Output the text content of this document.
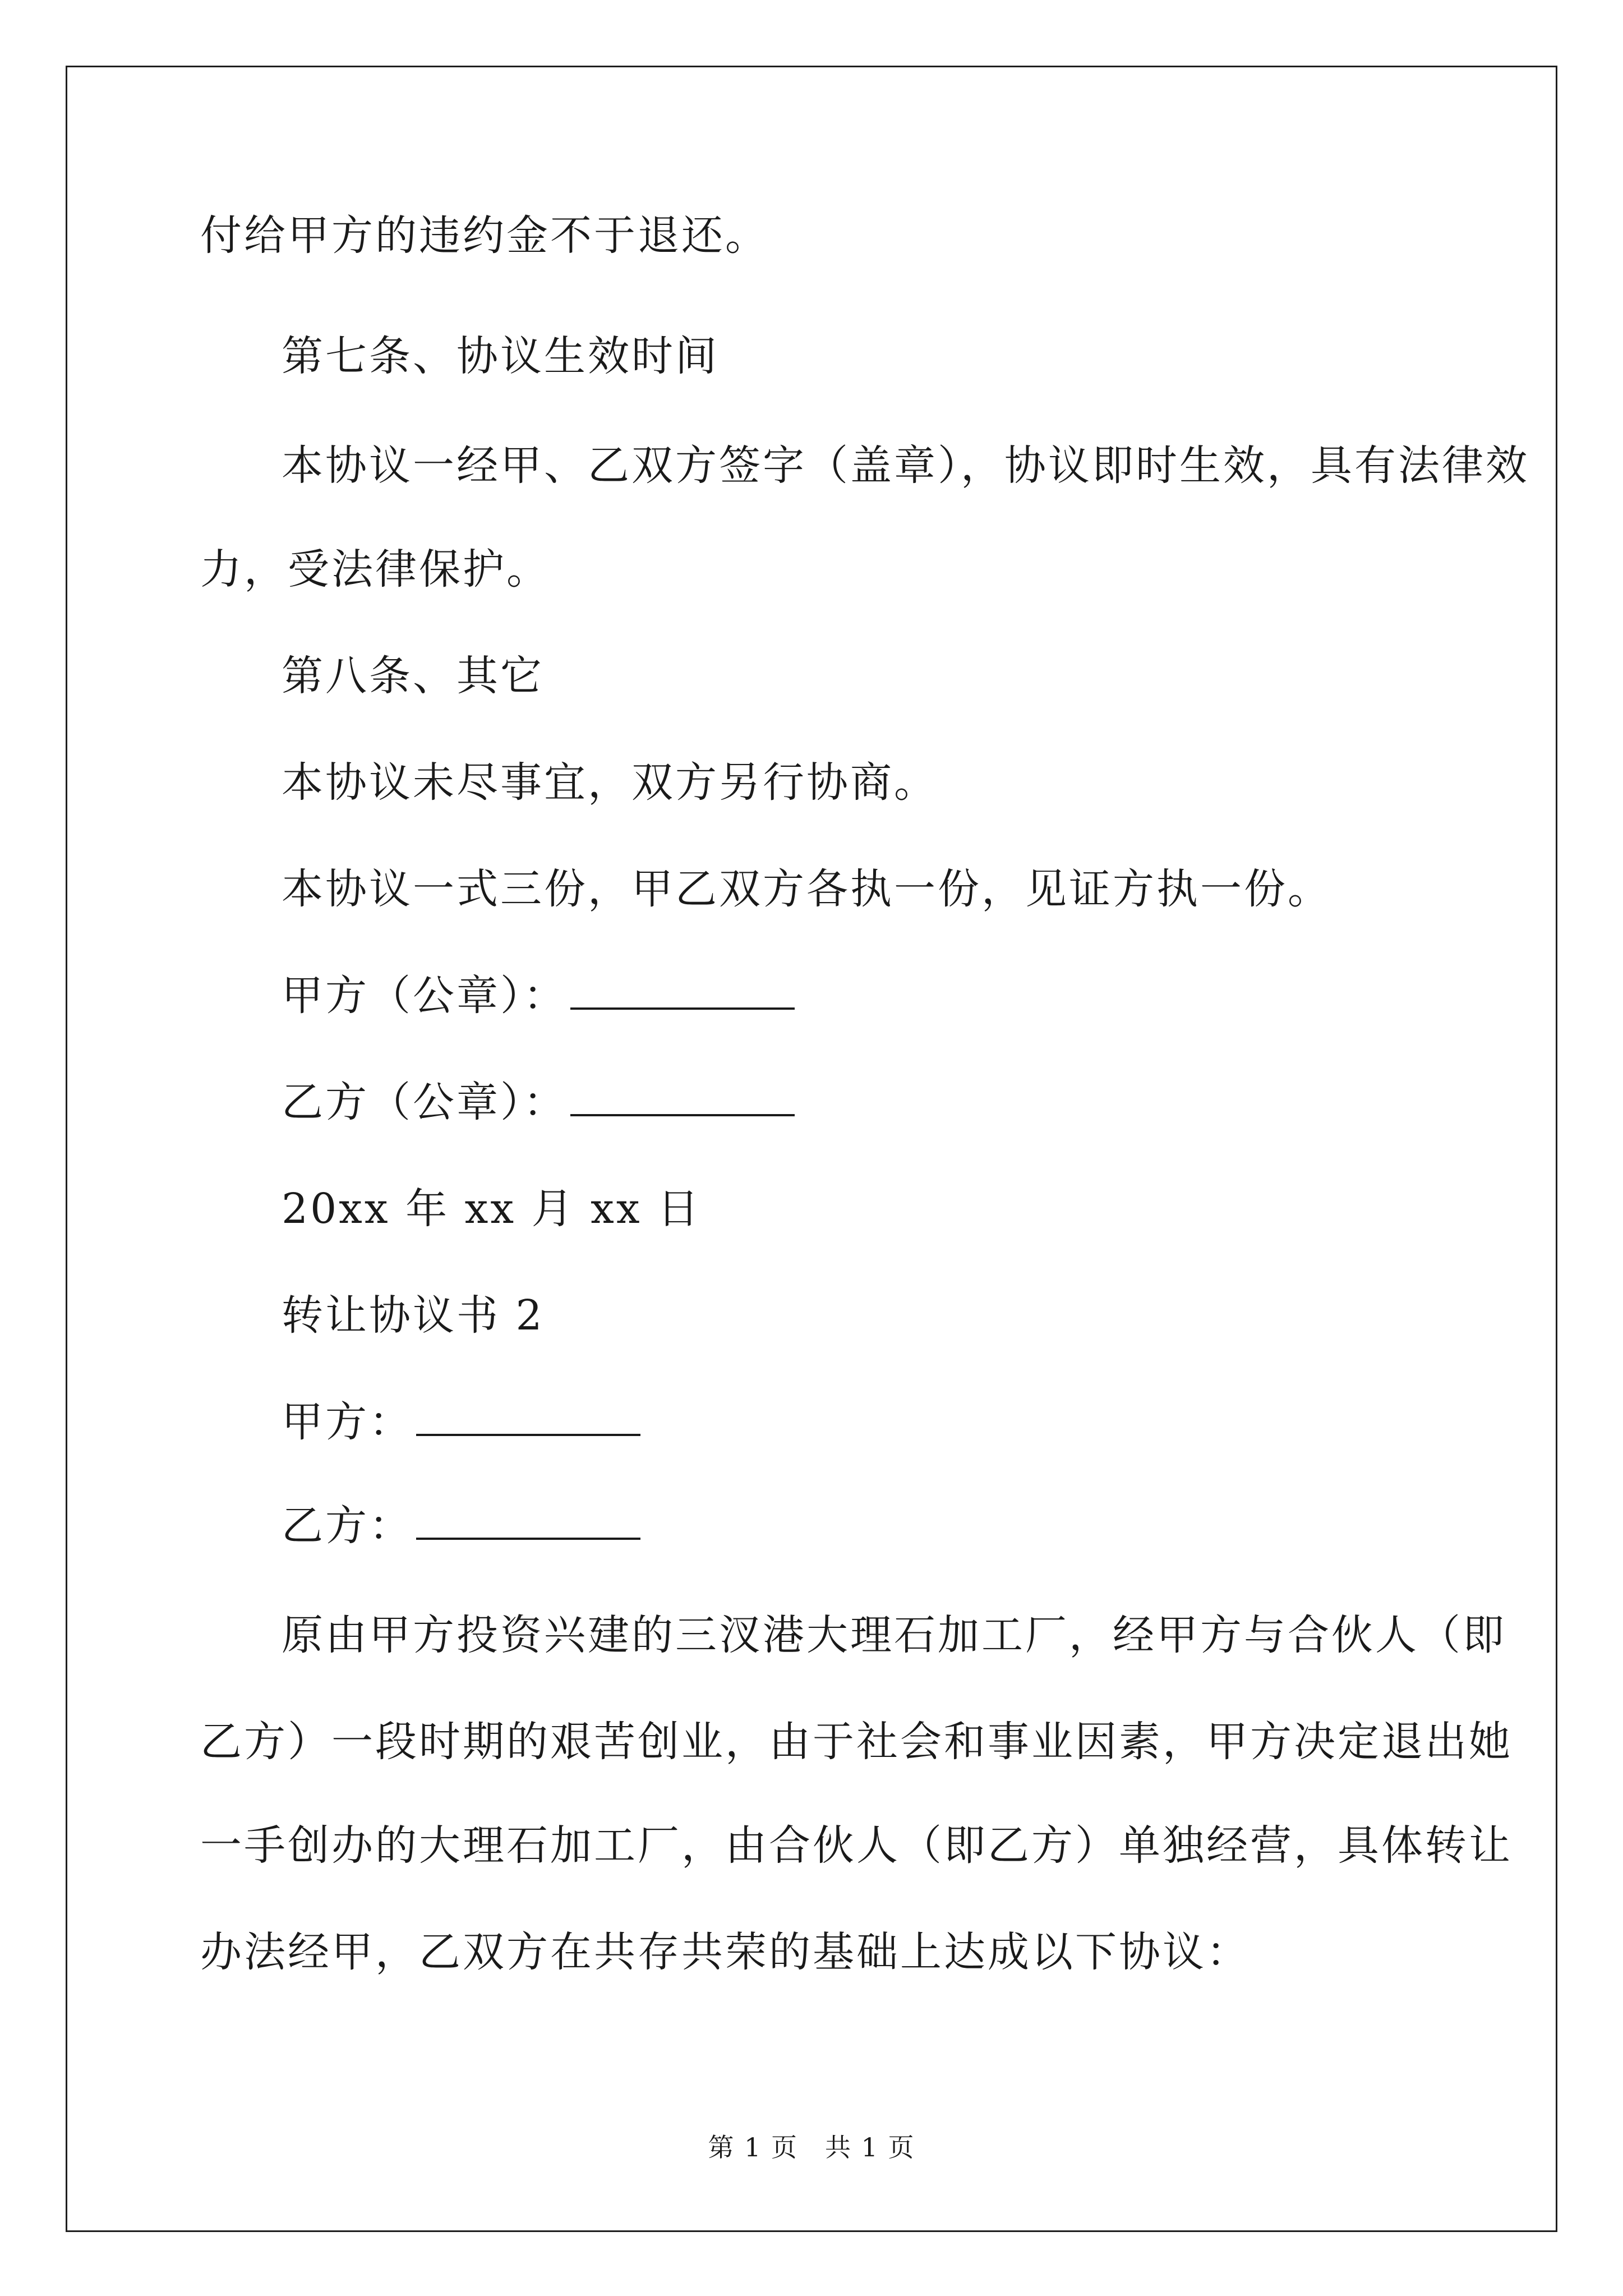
付给甲方的违约金不于退还。
第七条、协议生效时间
本协议一经甲、乙双方签字（盖章），协议即时生效，具有法律效
力，受法律保护。
第八条、其它
本协议未尽事宜，双方另行协商。
本协议一式三份，甲乙双方各执一份，见证方执一份。
甲方（公章）：
乙方（公章）：
20xx 年 xx 月 xx 日
转让协议书 2
甲方：
乙方：
原由甲方投资兴建的三汊港大理石加工厂，经甲方与合伙人（即
乙方）一段时期的艰苦创业，由于社会和事业因素，甲方决定退出她
一手创办的大理石加工厂，由合伙人（即乙方）单独经营，具体转让
办法经甲，乙双方在共存共荣的基础上达成以下协议：
第 1 页　共 1 页
